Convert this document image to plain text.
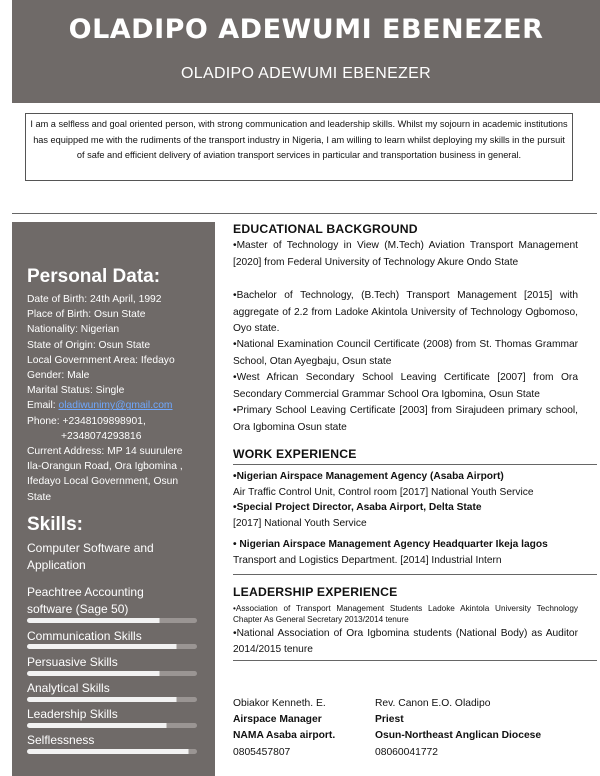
OLADIPO ADEWUMI EBENEZER
OLADIPO ADEWUMI EBENEZER
I am a selfless and goal oriented person, with strong communication and leadership skills. Whilst my sojourn in academic institutions has equipped me with the rudiments of the transport industry in Nigeria, I am willing to learn whilst deploying my skills in the pursuit of safe and efficient delivery of aviation transport services in particular and transportation business in general.
Personal Data:
Date of Birth: 24th April, 1992
Place of Birth: Osun State
Nationality: Nigerian
State of Origin: Osun State
Local Government Area: Ifedayo
Gender: Male
Marital Status: Single
Email: oladiwunimy@gmail.com
Phone: +2348109898901,
+2348074293816
Current Address: MP 14 suurulere
Ila-Orangun Road, Ora Igbomina ,
Ifedayo Local Government, Osun
State
Skills:
Computer Software and
Application
Peachtree Accounting
software (Sage 50)
Communication Skills
Persuasive Skills
Analytical Skills
Leadership Skills
Selflessness
EDUCATIONAL BACKGROUND
•Master of Technology in View (M.Tech) Aviation Transport Management [2020] from Federal University of Technology Akure Ondo State
•Bachelor of Technology, (B.Tech) Transport Management [2015] with aggregate of 2.2 from Ladoke Akintola University of Technology Ogbomoso, Oyo state.
•National Examination Council Certificate (2008) from St. Thomas Grammar School, Otan Ayegbaju, Osun state
•West African Secondary School Leaving Certificate [2007] from Ora Secondary Commercial Grammar School Ora Igbomina, Osun State
•Primary School Leaving Certificate [2003] from Sirajudeen primary school, Ora Igbomina Osun state
WORK EXPERIENCE
•Nigerian Airspace Management Agency (Asaba Airport)
Air Traffic Control Unit, Control room [2017] National Youth Service
•Special Project Director, Asaba Airport, Delta State
[2017] National Youth Service
• Nigerian Airspace Management Agency Headquarter Ikeja lagos
Transport and Logistics Department. [2014] Industrial Intern
LEADERSHIP EXPERIENCE
•Association of Transport Management Students Ladoke Akintola University Technology Chapter As General Secretary 2013/2014 tenure
•National Association of Ora Igbomina students (National Body) as Auditor 2014/2015 tenure
Obiakor Kenneth. E.
Airspace Manager
NAMA Asaba airport.
0805457807
Rev. Canon E.O. Oladipo
Priest
Osun-Northeast Anglican Diocese
08060041772
